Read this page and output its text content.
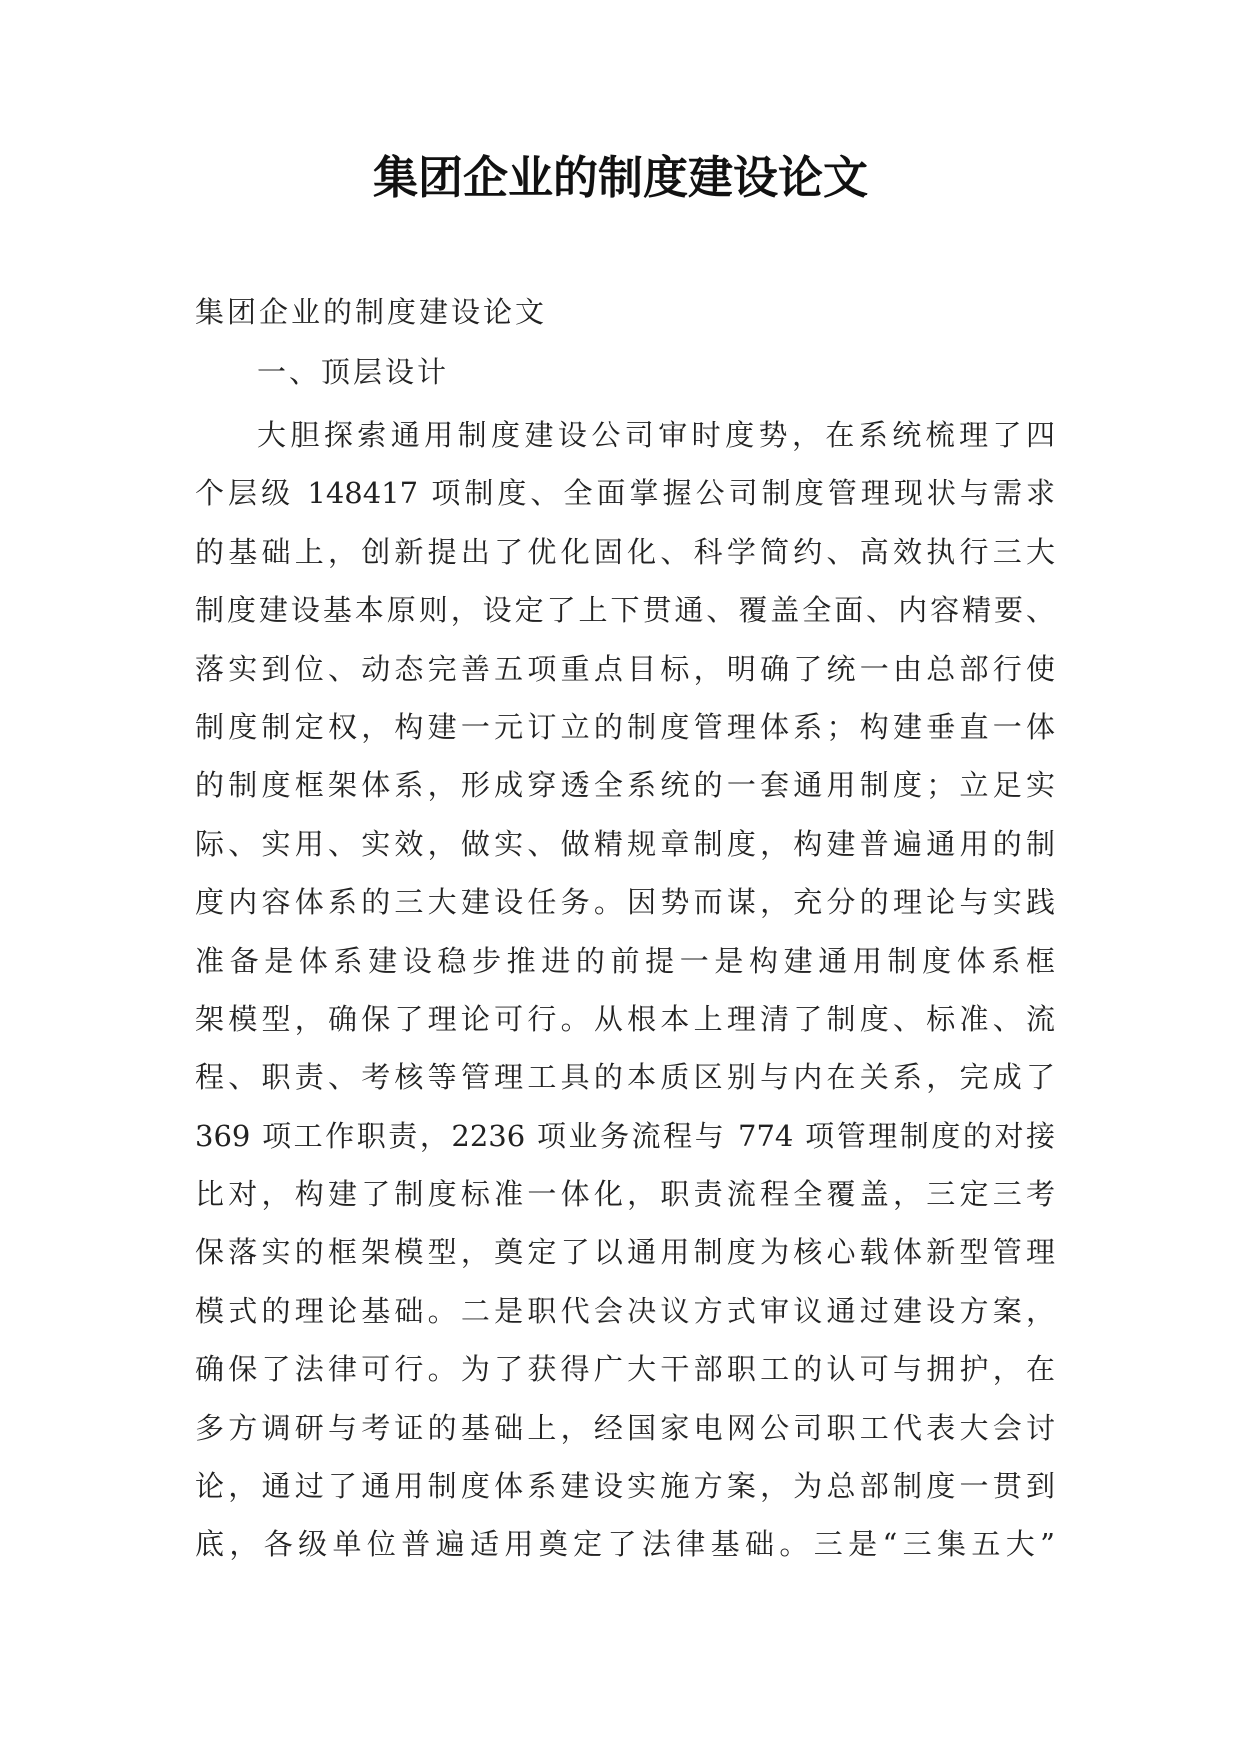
集团企业的制度建设论文

集团企业的制度建设论文

一、顶层设计

大胆探索通用制度建设公司审时度势，在系统梳理了四
个层级 148417 项制度、全面掌握公司制度管理现状与需求
的基础上，创新提出了优化固化、科学简约、高效执行三大
制度建设基本原则，设定了上下贯通、覆盖全面、内容精要、
落实到位、动态完善五项重点目标，明确了统一由总部行使
制度制定权，构建一元订立的制度管理体系；构建垂直一体
的制度框架体系，形成穿透全系统的一套通用制度；立足实
际、实用、实效，做实、做精规章制度，构建普遍通用的制
度内容体系的三大建设任务。因势而谋，充分的理论与实践
准备是体系建设稳步推进的前提一是构建通用制度体系框
架模型，确保了理论可行。从根本上理清了制度、标准、流
程、职责、考核等管理工具的本质区别与内在关系，完成了
369 项工作职责，2236 项业务流程与 774 项管理制度的对接
比对，构建了制度标准一体化，职责流程全覆盖，三定三考
保落实的框架模型，奠定了以通用制度为核心载体新型管理
模式的理论基础。二是职代会决议方式审议通过建设方案，
确保了法律可行。为了获得广大干部职工的认可与拥护，在
多方调研与考证的基础上，经国家电网公司职工代表大会讨
论，通过了通用制度体系建设实施方案，为总部制度一贯到
底，各级单位普遍适用奠定了法律基础。三是“三集五大”
